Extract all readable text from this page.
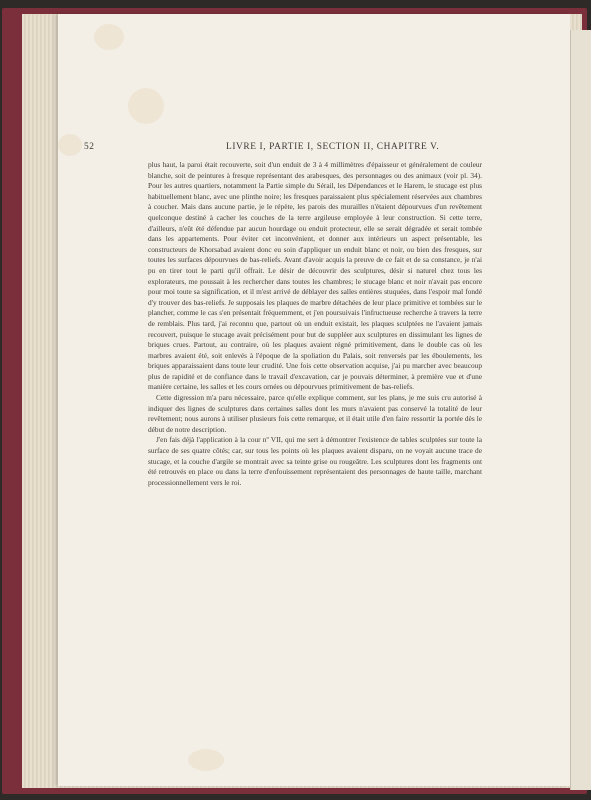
52	LIVRE I, PARTIE I, SECTION II, CHAPITRE V.

plus haut, la paroi était recouverte, soit d'un enduit de 3 à 4 millimètres d'épaisseur et généralement de couleur blanche, soit de peintures à fresque représentant des arabesques, des personnages ou des animaux (voir pl. 34). Pour les autres quartiers, notamment la Partie simple du Sérail, les Dépendances et le Harem, le stucage est plus habituellement blanc, avec une plinthe noire; les fresques paraissaient plus spécialement réservées aux chambres à coucher. Mais dans aucune partie, je le répète, les parois des murailles n'étaient dépourvues d'un revêtement quelconque destiné à cacher les couches de la terre argileuse employée à leur construction. Si cette terre, d'ailleurs, n'eût été défendue par aucun hourdage ou enduit protecteur, elle se serait dégradée et serait tombée dans les appartements. Pour éviter cet inconvénient, et donner aux intérieurs un aspect présentable, les constructeurs de Khorsabad avaient donc eu soin d'appliquer un enduit blanc et noir, ou bien des fresques, sur toutes les surfaces dépourvues de bas-reliefs. Avant d'avoir acquis la preuve de ce fait et de sa constance, je n'ai pu en tirer tout le parti qu'il offrait. Le désir de découvrir des sculptures, désir si naturel chez tous les explorateurs, me poussait à les rechercher dans toutes les chambres; le stucage blanc et noir n'avait pas encore pour moi toute sa signification, et il m'est arrivé de déblayer des salles entières stuquées, dans l'espoir mal fondé d'y trouver des bas-reliefs. Je supposais les plaques de marbre détachées de leur place primitive et tombées sur le plancher, comme le cas s'en présentait fréquemment, et j'en poursuivais l'infructueuse recherche à travers la terre de remblais. Plus tard, j'ai reconnu que, partout où un enduit existait, les plaques sculptées ne l'avaient jamais recouvert, puisque le stucage avait précisément pour but de suppléer aux sculptures en dissimulant les lignes de briques crues. Partout, au contraire, où les plaques avaient régné primitivement, dans le double cas où les marbres avaient été, soit enlevés à l'époque de la spoliation du Palais, soit renversés par les éboulements, les briques apparaissaient dans toute leur crudité. Une fois cette observation acquise, j'ai pu marcher avec beaucoup plus de rapidité et de confiance dans le travail d'excavation, car je pouvais déterminer, à première vue et d'une manière certaine, les salles et les cours ornées ou dépourvues primitivement de bas-reliefs.

Cette digression m'a paru nécessaire, parce qu'elle explique comment, sur les plans, je me suis cru autorisé à indiquer des lignes de sculptures dans certaines salles dont les murs n'avaient pas conservé la totalité de leur revêtement; nous aurons à utiliser plusieurs fois cette remarque, et il était utile d'en faire ressortir la portée dès le début de notre description.

J'en fais déjà l'application à la cour nº VII, qui me sert à démontrer l'existence de tables sculptées sur toute la surface de ses quatre côtés; car, sur tous les points où les plaques avaient disparu, on ne voyait aucune trace de stucage, et la couche d'argile se montrait avec sa teinte grise ou rougeâtre. Les sculptures dont les fragments ont été retrouvés en place ou dans la terre d'enfouissement représentaient des personnages de haute taille, marchant processionnellement vers le roi.
